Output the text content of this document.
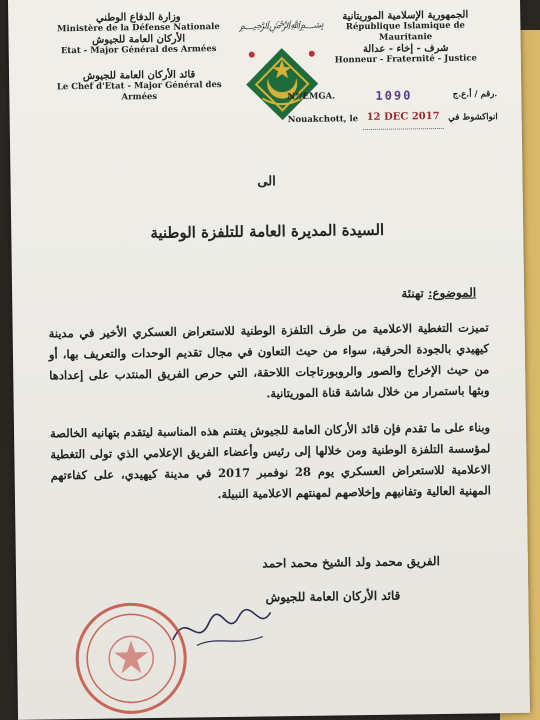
وزارة الدفاع الوطني
Ministère de la Défense Nationale
الأركان العامة للجيوش
Etat - Major Général des Armées
قائد الأركان العامة للجيوش
Le Chef d'Etat - Major Général des Armées
﷽
الجمهورية الإسلامية الموريتانية
République Islamique de Mauritanie
شرف - إخاء - عدالة
Honneur - Fraternité - Justice
N°/EMGA.	1090	رقم / أ.ع.ج.
Nouakchott, le 12 DEC 2017 انواكشوط في
الى
السيدة المديرة العامة للتلفزة الوطنية
الموضوع: تهنئة
تميزت التغطية الاعلامية من طرف التلفزة الوطنية للاستعراض العسكري الأخير في مدينة كيهيدي بالجودة الحرفية، سواء من حيث التعاون في مجال تقديم الوحدات والتعريف بها، أو من حيث الإخراج والصور والروبورتاجات اللاحقة، التي حرص الفريق المنتدب على إعدادها وبثها باستمرار من خلال شاشة قناة الموريتانية.
وبناء على ما تقدم فإن قائد الأركان العامة للجيوش يغتنم هذه المناسبة ليتقدم بتهانيه الخالصة لمؤسسة التلفزة الوطنية ومن خلالها إلى رئيس وأعضاء الفريق الإعلامي الذي تولى التغطية الاعلامية للاستعراض العسكري يوم 28 نوفمبر 2017 في مدينة كيهيدي، على كفاءتهم المهنية العالية وتفانيهم وإخلاصهم لمهنتهم الاعلامية النبيلة.
الفريق محمد ولد الشيخ محمد احمد
قائد الأركان العامة للجيوش
